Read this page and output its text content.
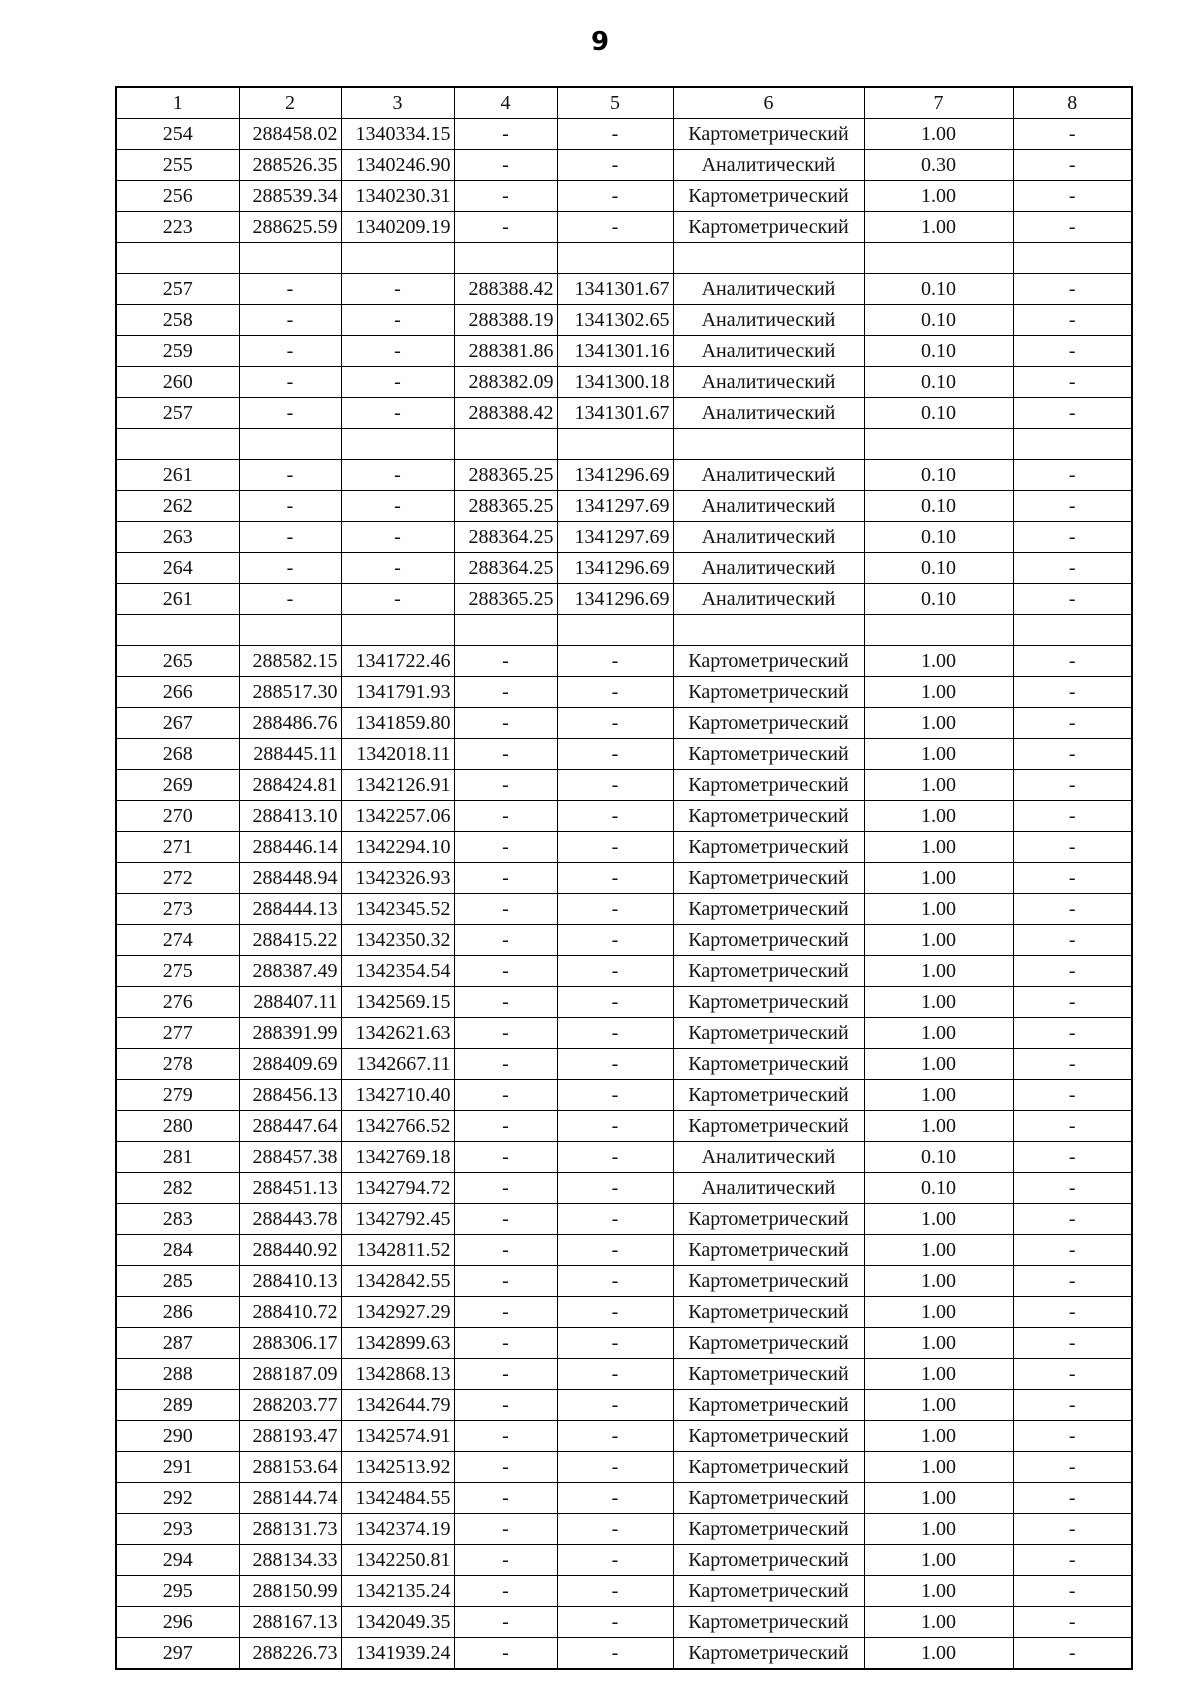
9
1	2	3	4	5	6	7	8
254	288458.02	1340334.15	-	-	Картометрический	1.00	-
255	288526.35	1340246.90	-	-	Аналитический	0.30	-
256	288539.34	1340230.31	-	-	Картометрический	1.00	-
223	288625.59	1340209.19	-	-	Картометрический	1.00	-

257	-	-	288388.42	1341301.67	Аналитический	0.10	-
258	-	-	288388.19	1341302.65	Аналитический	0.10	-
259	-	-	288381.86	1341301.16	Аналитический	0.10	-
260	-	-	288382.09	1341300.18	Аналитический	0.10	-
257	-	-	288388.42	1341301.67	Аналитический	0.10	-

261	-	-	288365.25	1341296.69	Аналитический	0.10	-
262	-	-	288365.25	1341297.69	Аналитический	0.10	-
263	-	-	288364.25	1341297.69	Аналитический	0.10	-
264	-	-	288364.25	1341296.69	Аналитический	0.10	-
261	-	-	288365.25	1341296.69	Аналитический	0.10	-

265	288582.15	1341722.46	-	-	Картометрический	1.00	-
266	288517.30	1341791.93	-	-	Картометрический	1.00	-
267	288486.76	1341859.80	-	-	Картометрический	1.00	-
268	288445.11	1342018.11	-	-	Картометрический	1.00	-
269	288424.81	1342126.91	-	-	Картометрический	1.00	-
270	288413.10	1342257.06	-	-	Картометрический	1.00	-
271	288446.14	1342294.10	-	-	Картометрический	1.00	-
272	288448.94	1342326.93	-	-	Картометрический	1.00	-
273	288444.13	1342345.52	-	-	Картометрический	1.00	-
274	288415.22	1342350.32	-	-	Картометрический	1.00	-
275	288387.49	1342354.54	-	-	Картометрический	1.00	-
276	288407.11	1342569.15	-	-	Картометрический	1.00	-
277	288391.99	1342621.63	-	-	Картометрический	1.00	-
278	288409.69	1342667.11	-	-	Картометрический	1.00	-
279	288456.13	1342710.40	-	-	Картометрический	1.00	-
280	288447.64	1342766.52	-	-	Картометрический	1.00	-
281	288457.38	1342769.18	-	-	Аналитический	0.10	-
282	288451.13	1342794.72	-	-	Аналитический	0.10	-
283	288443.78	1342792.45	-	-	Картометрический	1.00	-
284	288440.92	1342811.52	-	-	Картометрический	1.00	-
285	288410.13	1342842.55	-	-	Картометрический	1.00	-
286	288410.72	1342927.29	-	-	Картометрический	1.00	-
287	288306.17	1342899.63	-	-	Картометрический	1.00	-
288	288187.09	1342868.13	-	-	Картометрический	1.00	-
289	288203.77	1342644.79	-	-	Картометрический	1.00	-
290	288193.47	1342574.91	-	-	Картометрический	1.00	-
291	288153.64	1342513.92	-	-	Картометрический	1.00	-
292	288144.74	1342484.55	-	-	Картометрический	1.00	-
293	288131.73	1342374.19	-	-	Картометрический	1.00	-
294	288134.33	1342250.81	-	-	Картометрический	1.00	-
295	288150.99	1342135.24	-	-	Картометрический	1.00	-
296	288167.13	1342049.35	-	-	Картометрический	1.00	-
297	288226.73	1341939.24	-	-	Картометрический	1.00	-
